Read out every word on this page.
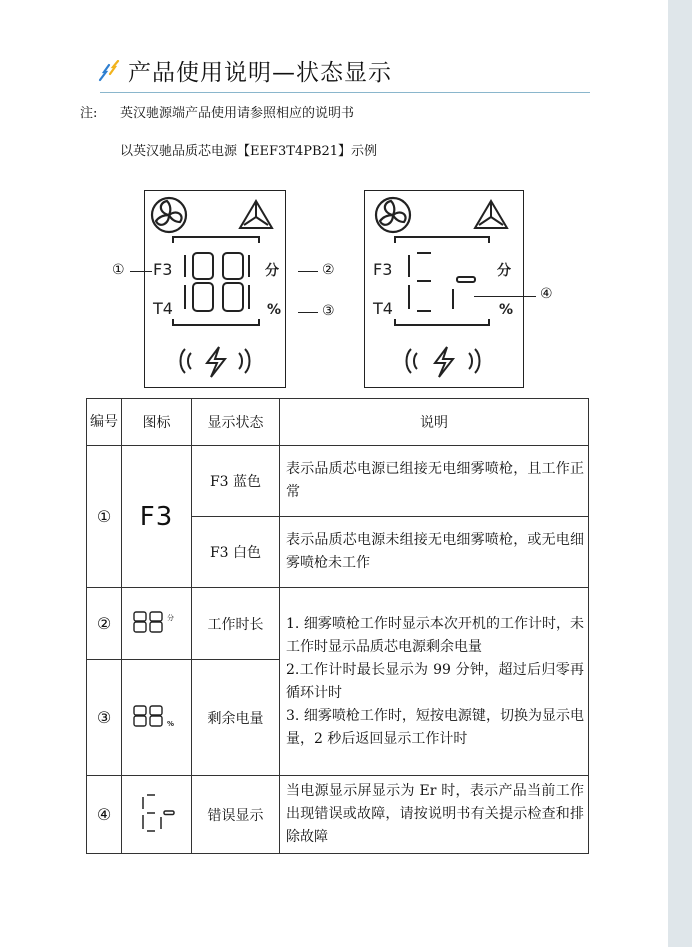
产品使用说明—状态显示
注: 英汉驰源端产品使用请参照相应的说明书
以英汉驰品质芯电源【EEF3T4PB21】示例
F3
T4
分
%
①	②
③
F3
T4
分
%
④
编号	图标	显示状态	说明
①	F3	F3 蓝色	表示品质芯电源已组接无电细雾喷枪，且工作正常
		F3 白色	表示品质芯电源未组接无电细雾喷枪，或无电细雾喷枪未工作
②	分	工作时长	1. 细雾喷枪工作时显示本次开机的工作计时，未工作时显示品质芯电源剩余电量
2.工作计时最长显示为 99 分钟，超过后归零再循环计时
3. 细雾喷枪工作时，短按电源键，切换为显示电量，2 秒后返回显示工作计时

③	%	剩余电量	
④		错误显示	当电源显示屏显示为 Er 时，表示产品当前工作出现错误或故障，请按说明书有关提示检查和排除故障
